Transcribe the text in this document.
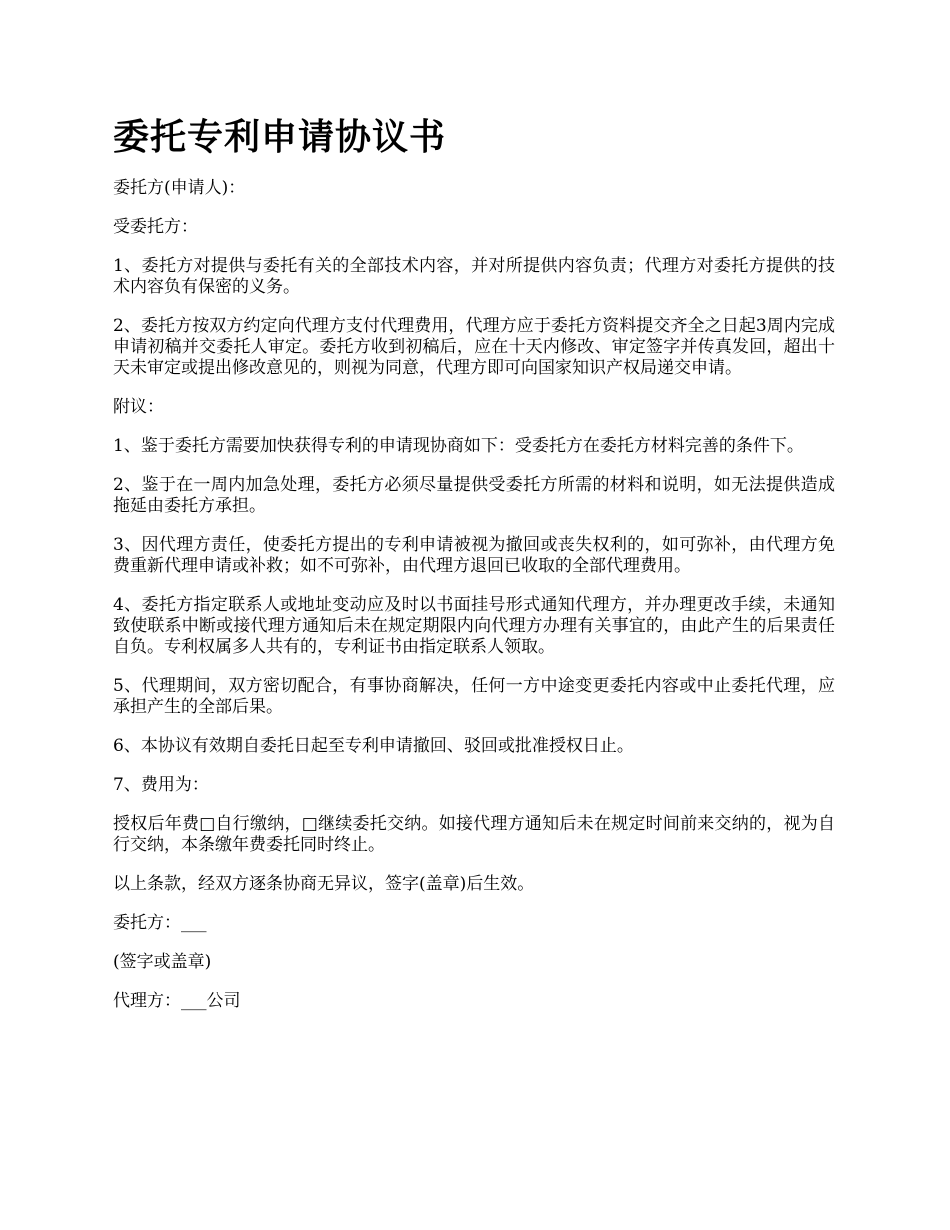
委托专利申请协议书

委托方(申请人)：

受委托方：

1、委托方对提供与委托有关的全部技术内容，并对所提供内容负责；代理方对委托方提供的技术内容负有保密的义务。

2、委托方按双方约定向代理方支付代理费用，代理方应于委托方资料提交齐全之日起3周内完成申请初稿并交委托人审定。委托方收到初稿后，应在十天内修改、审定签字并传真发回，超出十天未审定或提出修改意见的，则视为同意，代理方即可向国家知识产权局递交申请。

附议：

1、鉴于委托方需要加快获得专利的申请现协商如下：受委托方在委托方材料完善的条件下。

2、鉴于在一周内加急处理，委托方必须尽量提供受委托方所需的材料和说明，如无法提供造成拖延由委托方承担。

3、因代理方责任，使委托方提出的专利申请被视为撤回或丧失权利的，如可弥补，由代理方免费重新代理申请或补救；如不可弥补，由代理方退回已收取的全部代理费用。

4、委托方指定联系人或地址变动应及时以书面挂号形式通知代理方，并办理更改手续，未通知致使联系中断或接代理方通知后未在规定期限内向代理方办理有关事宜的，由此产生的后果责任自负。专利权属多人共有的，专利证书由指定联系人领取。

5、代理期间，双方密切配合，有事协商解决，任何一方中途变更委托内容或中止委托代理，应承担产生的全部后果。

6、本协议有效期自委托日起至专利申请撤回、驳回或批准授权日止。

7、费用为：

授权后年费□自行缴纳，□继续委托交纳。如接代理方通知后未在规定时间前来交纳的，视为自行交纳，本条缴年费委托同时终止。

以上条款，经双方逐条协商无异议，签字(盖章)后生效。

委托方：___

(签字或盖章)

代理方：___公司
